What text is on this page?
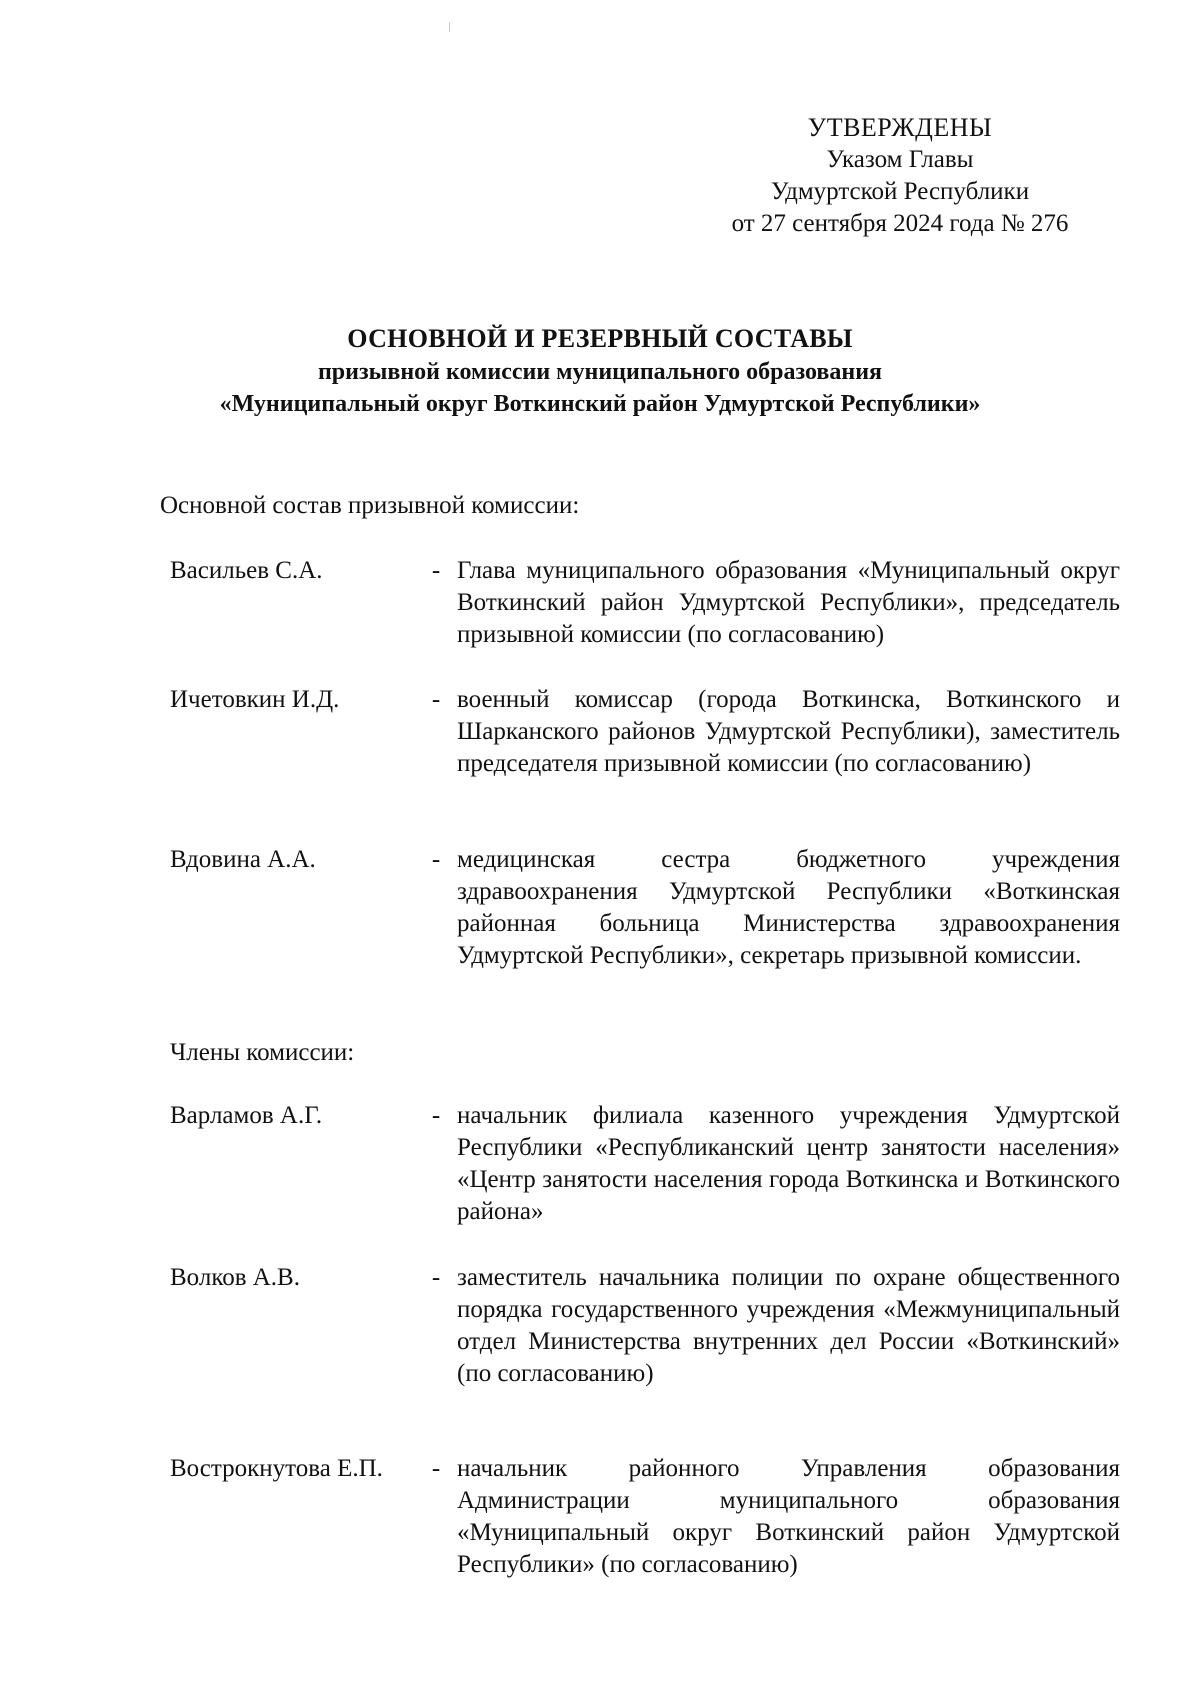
УТВЕРЖДЕНЫ
Указом Главы
Удмуртской Республики
от 27 сентября 2024 года № 276
ОСНОВНОЙ И РЕЗЕРВНЫЙ СОСТАВЫ
призывной комиссии муниципального образования
«Муниципальный округ Воткинский район Удмуртской Республики»
Основной состав призывной комиссии:
Васильев С.А.	- Глава муниципального образования «Муниципальный округ Воткинский район Удмуртской Республики», председатель призывной комиссии (по согласованию)
Ичетовкин И.Д.	- военный комиссар (города Воткинска, Воткинского и Шарканского районов Удмуртской Республики), заместитель председателя призывной комиссии (по согласованию)
Вдовина А.А.	- медицинская сестра бюджетного учреждения здравоохранения Удмуртской Республики «Воткинская районная больница Министерства здравоохранения Удмуртской Республики», секретарь призывной комиссии.
Члены комиссии:
Варламов А.Г.	- начальник филиала казенного учреждения Удмуртской Республики «Республиканский центр занятости населения» «Центр занятости населения города Воткинска и Воткинского района»
Волков А.В.	- заместитель начальника полиции по охране общественного порядка государственного учреждения «Межмуниципальный отдел Министерства внутренних дел России «Воткинский» (по согласованию)
Вострокнутова Е.П.	- начальник районного Управления образования Администрации муниципального образования «Муниципальный округ Воткинский район Удмуртской Республики» (по согласованию)
